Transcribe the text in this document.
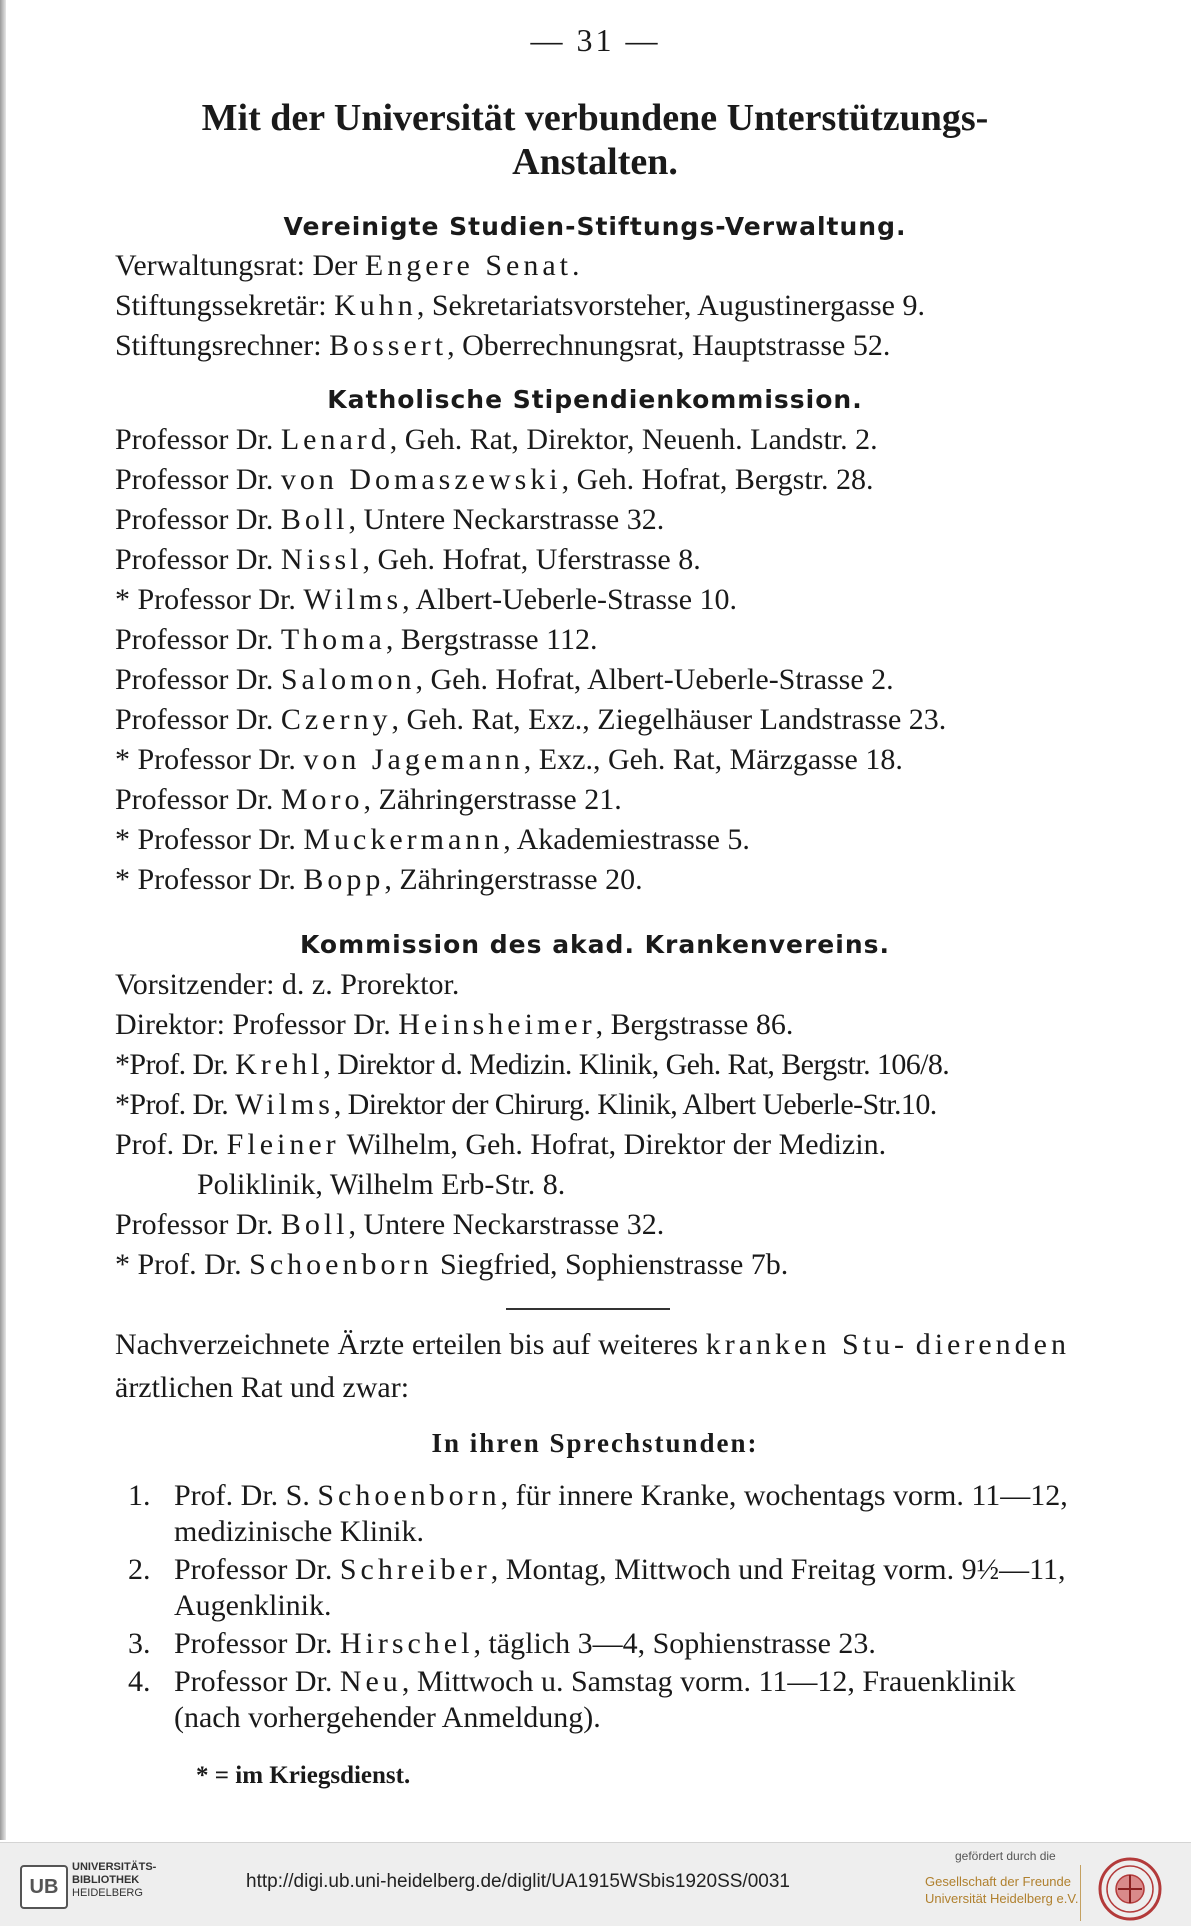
— 31 —
Mit der Universität verbundene Unterstützungs-
Anstalten.
Vereinigte Studien-Stiftungs-Verwaltung.
Verwaltungsrat: Der Engere Senat.
Stiftungssekretär: Kuhn, Sekretariatsvorsteher, Augustinergasse 9.
Stiftungsrechner: Bossert, Oberrechnungsrat, Hauptstrasse 52.
Katholische Stipendienkommission.
Professor Dr. Lenard, Geh. Rat, Direktor, Neuenh. Landstr. 2.
Professor Dr. von Domaszewski, Geh. Hofrat, Bergstr. 28.
Professor Dr. Boll, Untere Neckarstrasse 32.
Professor Dr. Nissl, Geh. Hofrat, Uferstrasse 8.
* Professor Dr. Wilms, Albert-Ueberle-Strasse 10.
Professor Dr. Thoma, Bergstrasse 112.
Professor Dr. Salomon, Geh. Hofrat, Albert-Ueberle-Strasse 2.
Professor Dr. Czerny, Geh. Rat, Exz., Ziegelhäuser Landstrasse 23.
* Professor Dr. von Jagemann, Exz., Geh. Rat, Märzgasse 18.
Professor Dr. Moro, Zähringerstrasse 21.
* Professor Dr. Muckermann, Akademiestrasse 5.
* Professor Dr. Bopp, Zähringerstrasse 20.
Kommission des akad. Krankenvereins.
Vorsitzender: d. z. Prorektor.
Direktor: Professor Dr. Heinsheimer, Bergstrasse 86.
*Prof. Dr. Krehl, Direktor d. Medizin. Klinik, Geh. Rat, Bergstr. 106/8.
*Prof. Dr. Wilms, Direktor der Chirurg. Klinik, Albert Ueberle-Str.10.
Prof. Dr. Fleiner Wilhelm, Geh. Hofrat, Direktor der Medizin.
Poliklinik, Wilhelm Erb-Str. 8.
Professor Dr. Boll, Untere Neckarstrasse 32.
* Prof. Dr. Schoenborn Siegfried, Sophienstrasse 7b.
Nachverzeichnete Ärzte erteilen bis auf weiteres kranken Stu- dierenden ärztlichen Rat und zwar:
In ihren Sprechstunden:
1. Prof. Dr. S. Schoenborn, für innere Kranke, wochentags vorm. 11—12, medizinische Klinik.
2. Professor Dr. Schreiber, Montag, Mittwoch und Freitag vorm. 9½—11, Augenklinik.
3. Professor Dr. Hirschel, täglich 3—4, Sophienstrasse 23.
4. Professor Dr. Neu, Mittwoch u. Samstag vorm. 11—12, Frauenklinik (nach vorhergehender Anmeldung).
* = im Kriegsdienst.
UB
UNIVERSITÄTS-
BIBLIOTHEK
HEIDELBERG
http://digi.ub.uni-heidelberg.de/diglit/UA1915WSbis1920SS/0031
gefördert durch die
Gesellschaft der Freunde
Universität Heidelberg e.V.
